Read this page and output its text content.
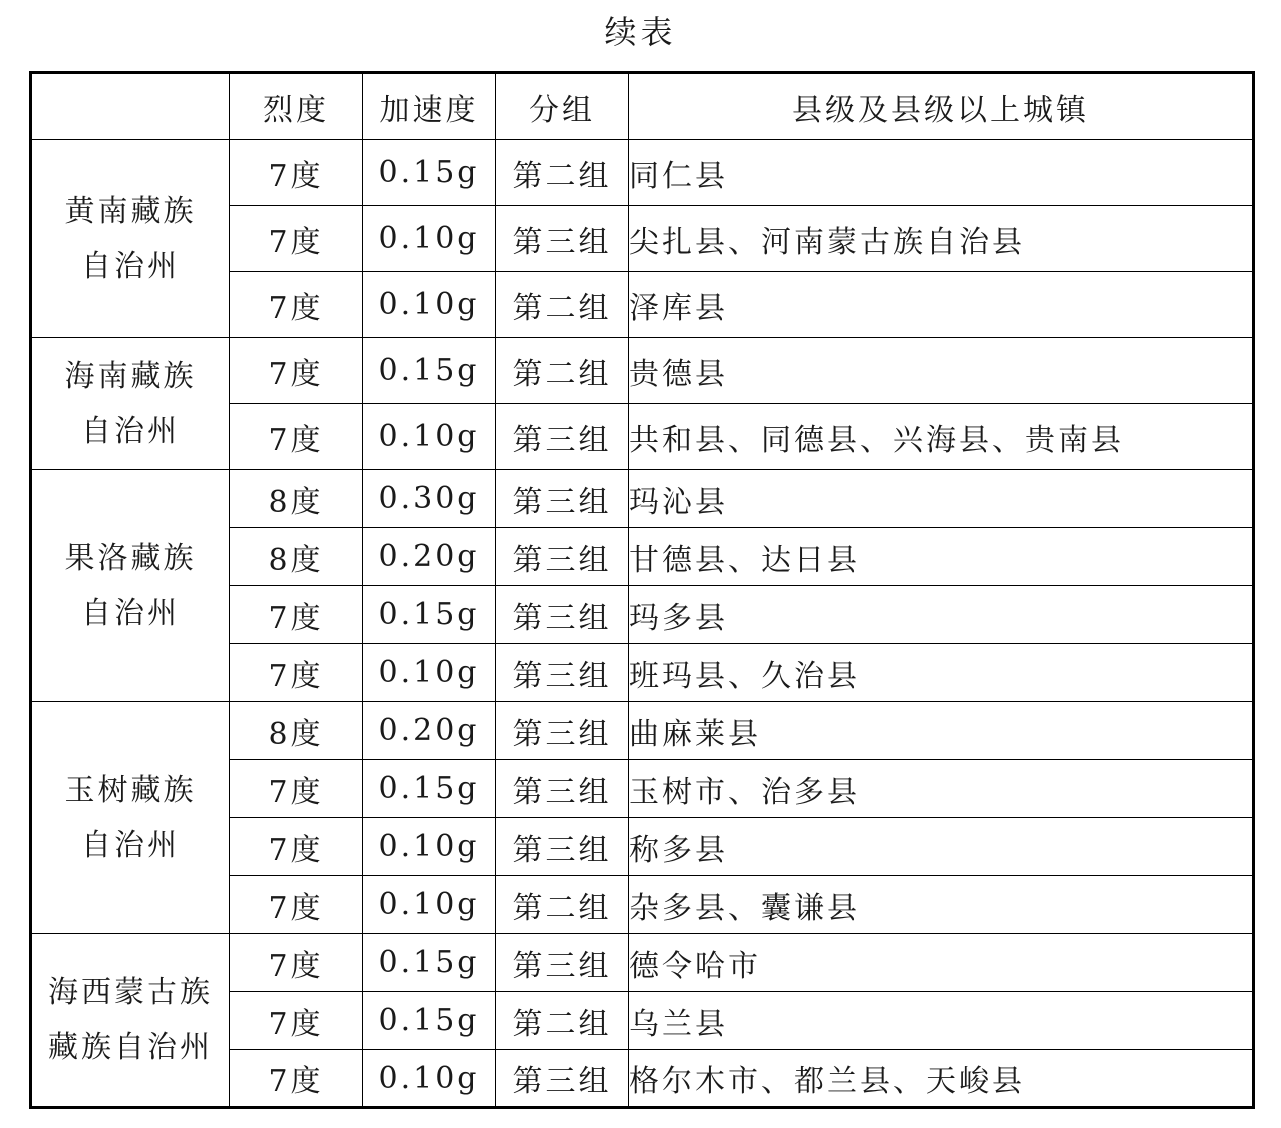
续表
	烈度	加速度	分组	县级及县级以上城镇

黄南藏族
自治州	7度	0.15g	第二组	同仁县
	7度	0.10g	第三组	尖扎县、河南蒙古族自治县
	7度	0.10g	第二组	泽库县

海南藏族
自治州	7度	0.15g	第二组	贵德县
	7度	0.10g	第三组	共和县、同德县、兴海县、贵南县

果洛藏族
自治州	8度	0.30g	第三组	玛沁县
	8度	0.20g	第三组	甘德县、达日县
	7度	0.15g	第三组	玛多县
	7度	0.10g	第三组	班玛县、久治县

玉树藏族
自治州	8度	0.20g	第三组	曲麻莱县
	7度	0.15g	第三组	玉树市、治多县
	7度	0.10g	第三组	称多县
	7度	0.10g	第二组	杂多县、囊谦县

海西蒙古族
藏族自治州	7度	0.15g	第三组	德令哈市
	7度	0.15g	第二组	乌兰县
	7度	0.10g	第三组	格尔木市、都兰县、天峻县
